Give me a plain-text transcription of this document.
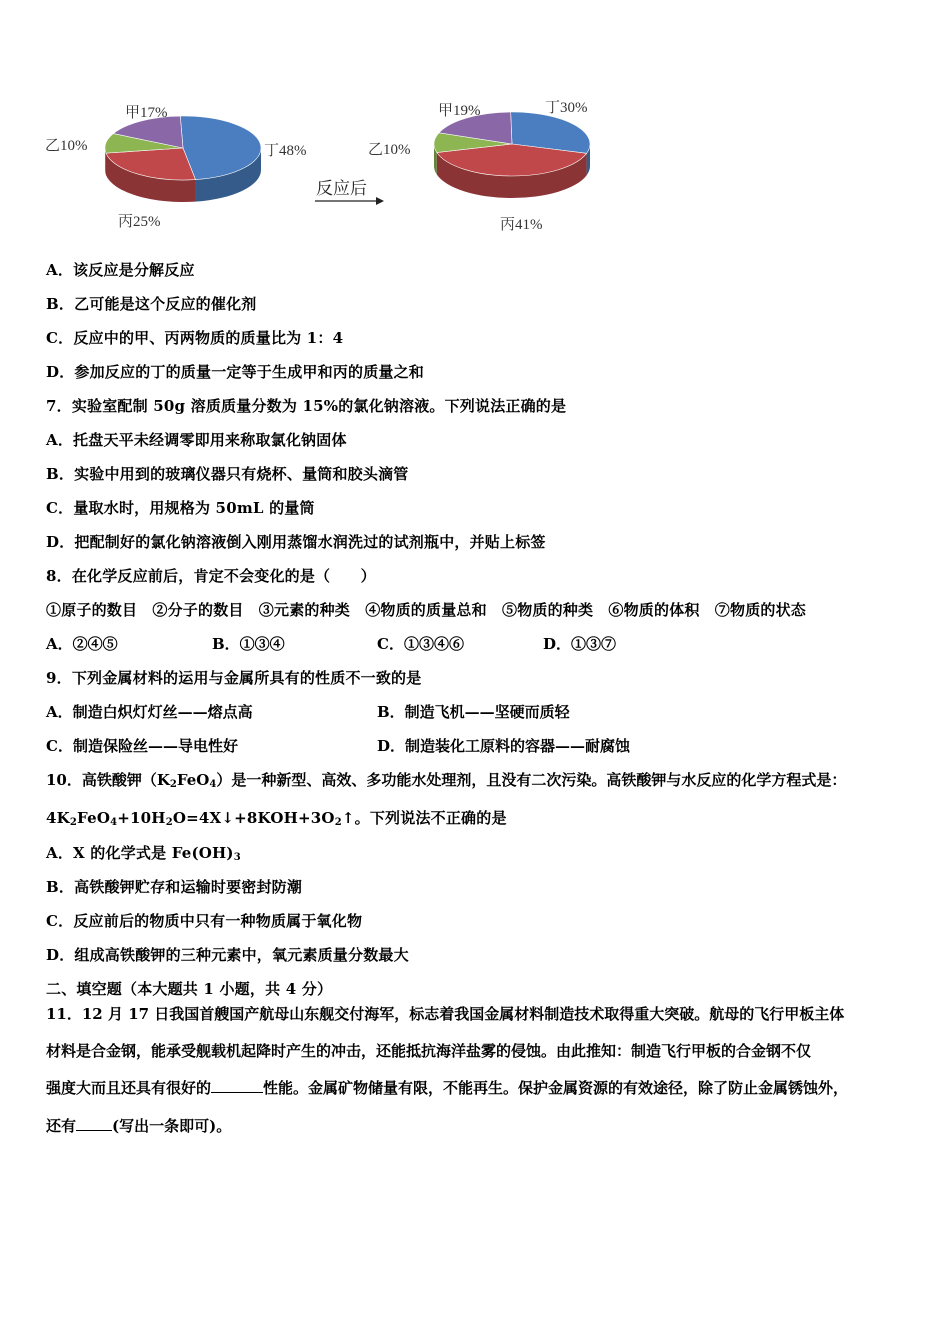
甲17%
乙10%
丙25%
丁48%
甲19%
乙10%
丙41%
丁30%
反应后
A．该反应是分解反应
B．乙可能是这个反应的催化剂
C．反应中的甲、丙两物质的质量比为 1：4
D．参加反应的丁的质量一定等于生成甲和丙的质量之和
7．实验室配制 50g 溶质质量分数为 15%的氯化钠溶液。下列说法正确的是
A．托盘天平未经调零即用来称取氯化钠固体
B．实验中用到的玻璃仪器只有烧杯、量筒和胶头滴管
C．量取水时，用规格为 50mL 的量筒
D．把配制好的氯化钠溶液倒入刚用蒸馏水润洗过的试剂瓶中，并贴上标签
8．在化学反应前后，肯定不会变化的是（　　）
①原子的数目　②分子的数目　③元素的种类　④物质的质量总和　⑤物质的种类　⑥物质的体积　⑦物质的状态
A．②④⑤	B．①③④	C．①③④⑥	D．①③⑦
9．下列金属材料的运用与金属所具有的性质不一致的是
A．制造白炽灯灯丝——熔点高	B．制造飞机——坚硬而质轻
C．制造保险丝——导电性好	D．制造装化工原料的容器——耐腐蚀
10．高铁酸钾$(K_2FeO_4)$是一种新型、高效、多功能水处理剂，且没有二次污染。高铁酸钾与水反应的化学方程式是：
$4K_2FeO_4+10H_2O=4X↓+8KOH+3O_2↑$。下列说法不正确的是
A．X 的化学式是 $Fe(OH)_3$
B．高铁酸钾贮存和运输时要密封防潮
C．反应前后的物质中只有一种物质属于氧化物
D．组成高铁酸钾的三种元素中，氧元素质量分数最大
二、填空题（本大题共 1 小题，共 4 分）
11．12 月 17 日我国首艘国产航母山东舰交付海军，标志着我国金属材料制造技术取得重大突破。航母的飞行甲板主体
材料是合金钢，能承受舰载机起降时产生的冲击，还能抵抗海洋盐雾的侵蚀。由此推知：制造飞行甲板的合金钢不仅
强度大而且还具有很好的	性能。金属矿物储量有限，不能再生。保护金属资源的有效途径，除了防止金属锈蚀外，
还有 (写出一条即可)。
